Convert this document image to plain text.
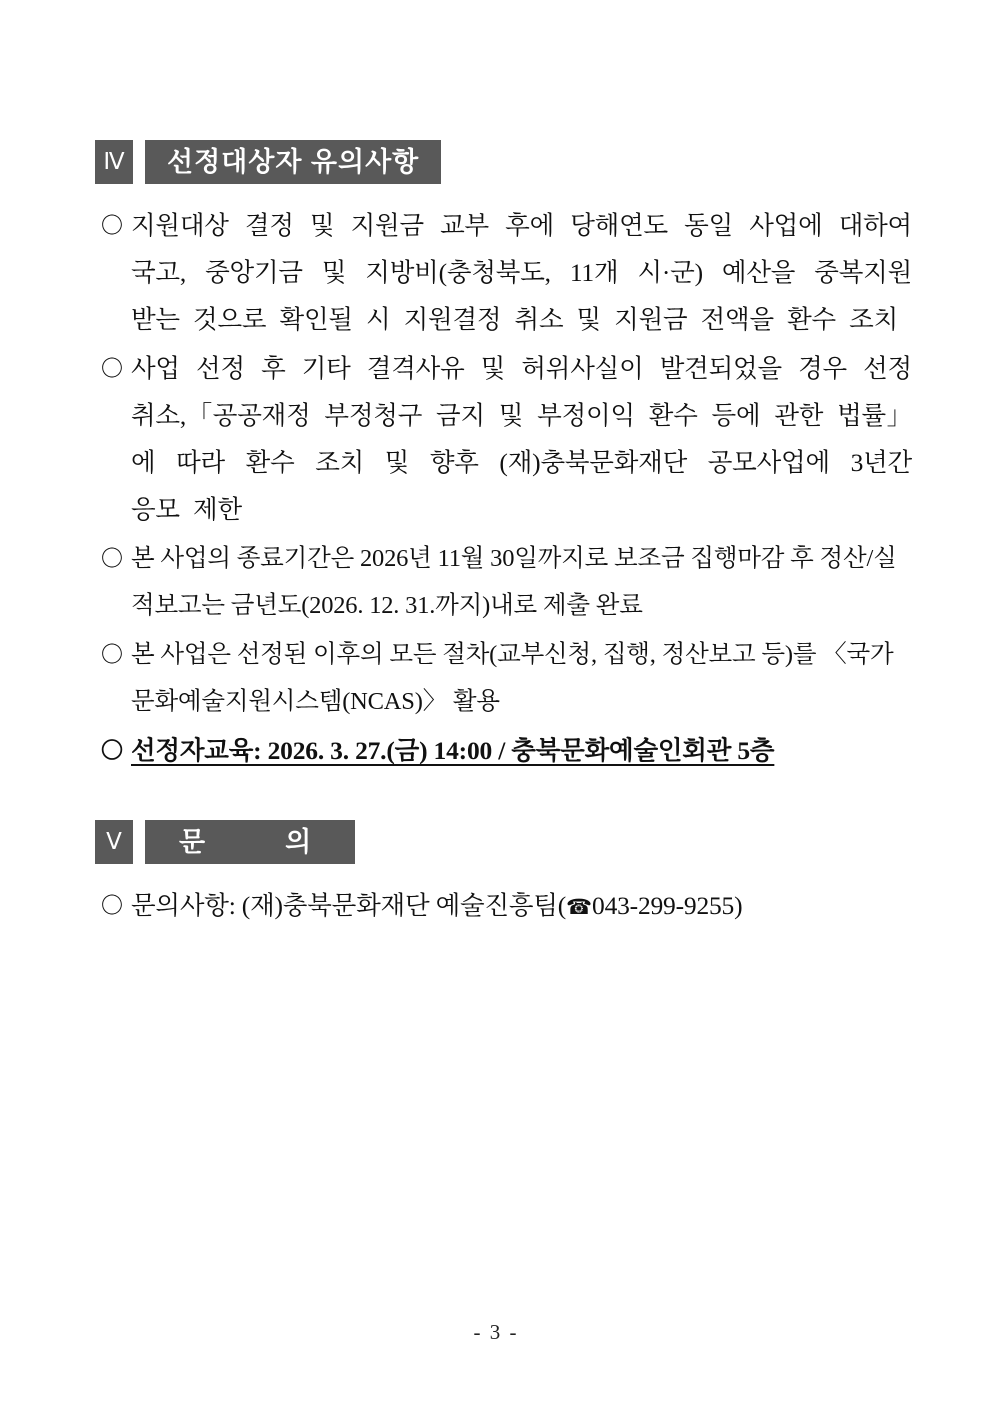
Ⅳ	선정대상자 유의사항
〇 지원대상 결정 및 지원금 교부 후에 당해연도 동일 사업에 대하여 국고, 중앙기금 및 지방비(충청북도, 11개 시·군) 예산을 중복지원 받는 것으로 확인될 시 지원결정 취소 및 지원금 전액을 환수 조치
〇 사업 선정 후 기타 결격사유 및 허위사실이 발견되었을 경우 선정 취소,「공공재정 부정청구 금지 및 부정이익 환수 등에 관한 법률」에 따라 환수 조치 및 향후 (재)충북문화재단 공모사업에 3년간 응모 제한
〇 본 사업의 종료기간은 2026년 11월 30일까지로 보조금 집행마감 후 정산/실적보고는 금년도(2026. 12. 31.까지)내로 제출 완료
〇 본 사업은 선정된 이후의 모든 절차(교부신청, 집행, 정산보고 등)를 〈국가문화예술지원시스템(NCAS)〉 활용
〇 선정자교육: 2026. 3. 27.(금) 14:00 / 충북문화예술인회관 5층
Ⅴ	문    의
〇 문의사항: (재)충북문화재단 예술진흥팀(☎043-299-9255)
- 3 -
